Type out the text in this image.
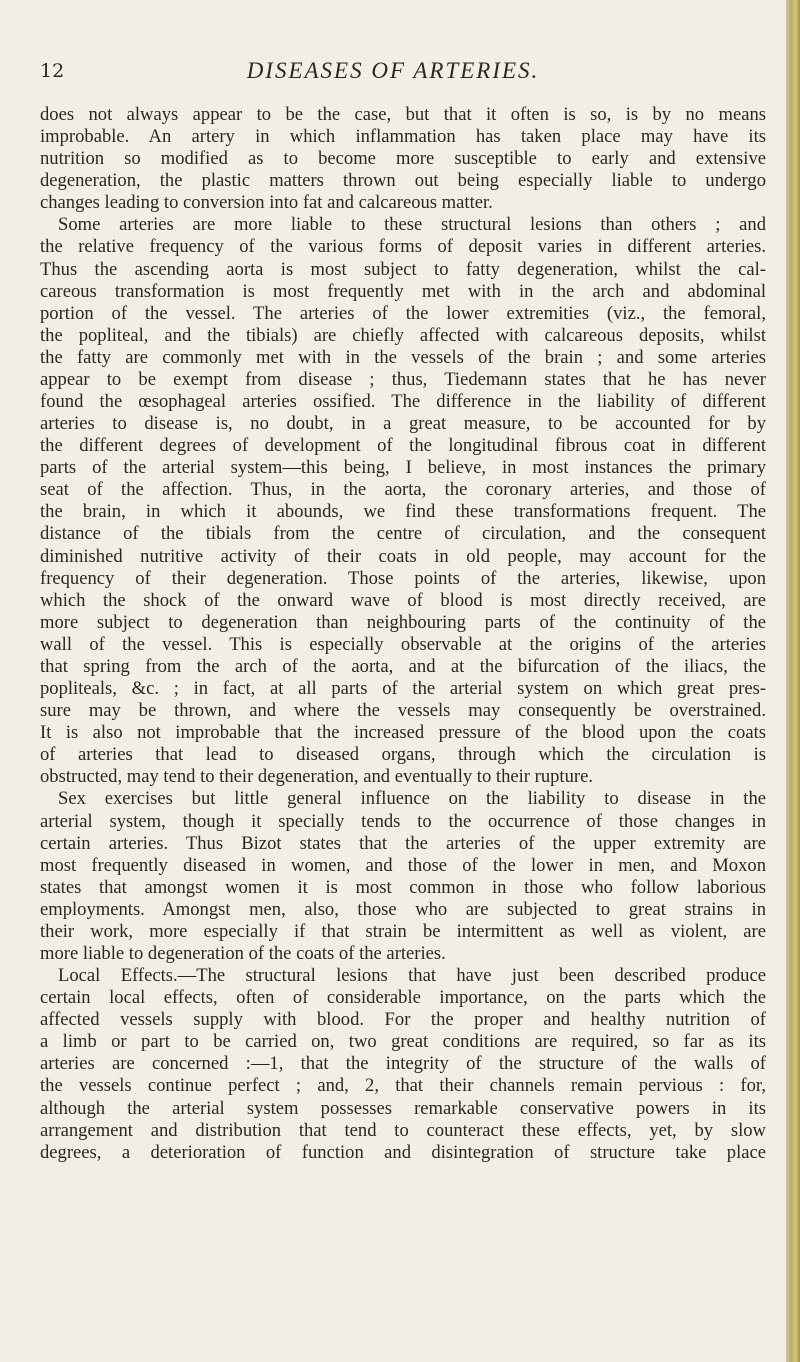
12	DISEASES OF ARTERIES.
does not always appear to be the case, but that it often is so, is by no means
improbable. An artery in which inflammation has taken place may have its
nutrition so modified as to become more susceptible to early and extensive
degeneration, the plastic matters thrown out being especially liable to undergo
changes leading to conversion into fat and calcareous matter.
Some arteries are more liable to these structural lesions than others ; and
the relative frequency of the various forms of deposit varies in different arteries.
Thus the ascending aorta is most subject to fatty degeneration, whilst the cal-
careous transformation is most frequently met with in the arch and abdominal
portion of the vessel. The arteries of the lower extremities (viz., the femoral,
the popliteal, and the tibials) are chiefly affected with calcareous deposits, whilst
the fatty are commonly met with in the vessels of the brain ; and some arteries
appear to be exempt from disease ; thus, Tiedemann states that he has never
found the œsophageal arteries ossified. The difference in the liability of different
arteries to disease is, no doubt, in a great measure, to be accounted for by
the different degrees of development of the longitudinal fibrous coat in different
parts of the arterial system—this being, I believe, in most instances the primary
seat of the affection. Thus, in the aorta, the coronary arteries, and those of
the brain, in which it abounds, we find these transformations frequent. The
distance of the tibials from the centre of circulation, and the consequent
diminished nutritive activity of their coats in old people, may account for the
frequency of their degeneration. Those points of the arteries, likewise, upon
which the shock of the onward wave of blood is most directly received, are
more subject to degeneration than neighbouring parts of the continuity of the
wall of the vessel. This is especially observable at the origins of the arteries
that spring from the arch of the aorta, and at the bifurcation of the iliacs, the
popliteals, &c. ; in fact, at all parts of the arterial system on which great pres-
sure may be thrown, and where the vessels may consequently be overstrained.
It is also not improbable that the increased pressure of the blood upon the coats
of arteries that lead to diseased organs, through which the circulation is
obstructed, may tend to their degeneration, and eventually to their rupture.
Sex exercises but little general influence on the liability to disease in the
arterial system, though it specially tends to the occurrence of those changes in
certain arteries. Thus Bizot states that the arteries of the upper extremity are
most frequently diseased in women, and those of the lower in men, and Moxon
states that amongst women it is most common in those who follow laborious
employments. Amongst men, also, those who are subjected to great strains in
their work, more especially if that strain be intermittent as well as violent, are
more liable to degeneration of the coats of the arteries.
Local Effects.—The structural lesions that have just been described produce
certain local effects, often of considerable importance, on the parts which the
affected vessels supply with blood. For the proper and healthy nutrition of
a limb or part to be carried on, two great conditions are required, so far as its
arteries are concerned :—1, that the integrity of the structure of the walls of
the vessels continue perfect ; and, 2, that their channels remain pervious : for,
although the arterial system possesses remarkable conservative powers in its
arrangement and distribution that tend to counteract these effects, yet, by slow
degrees, a deterioration of function and disintegration of structure take place
